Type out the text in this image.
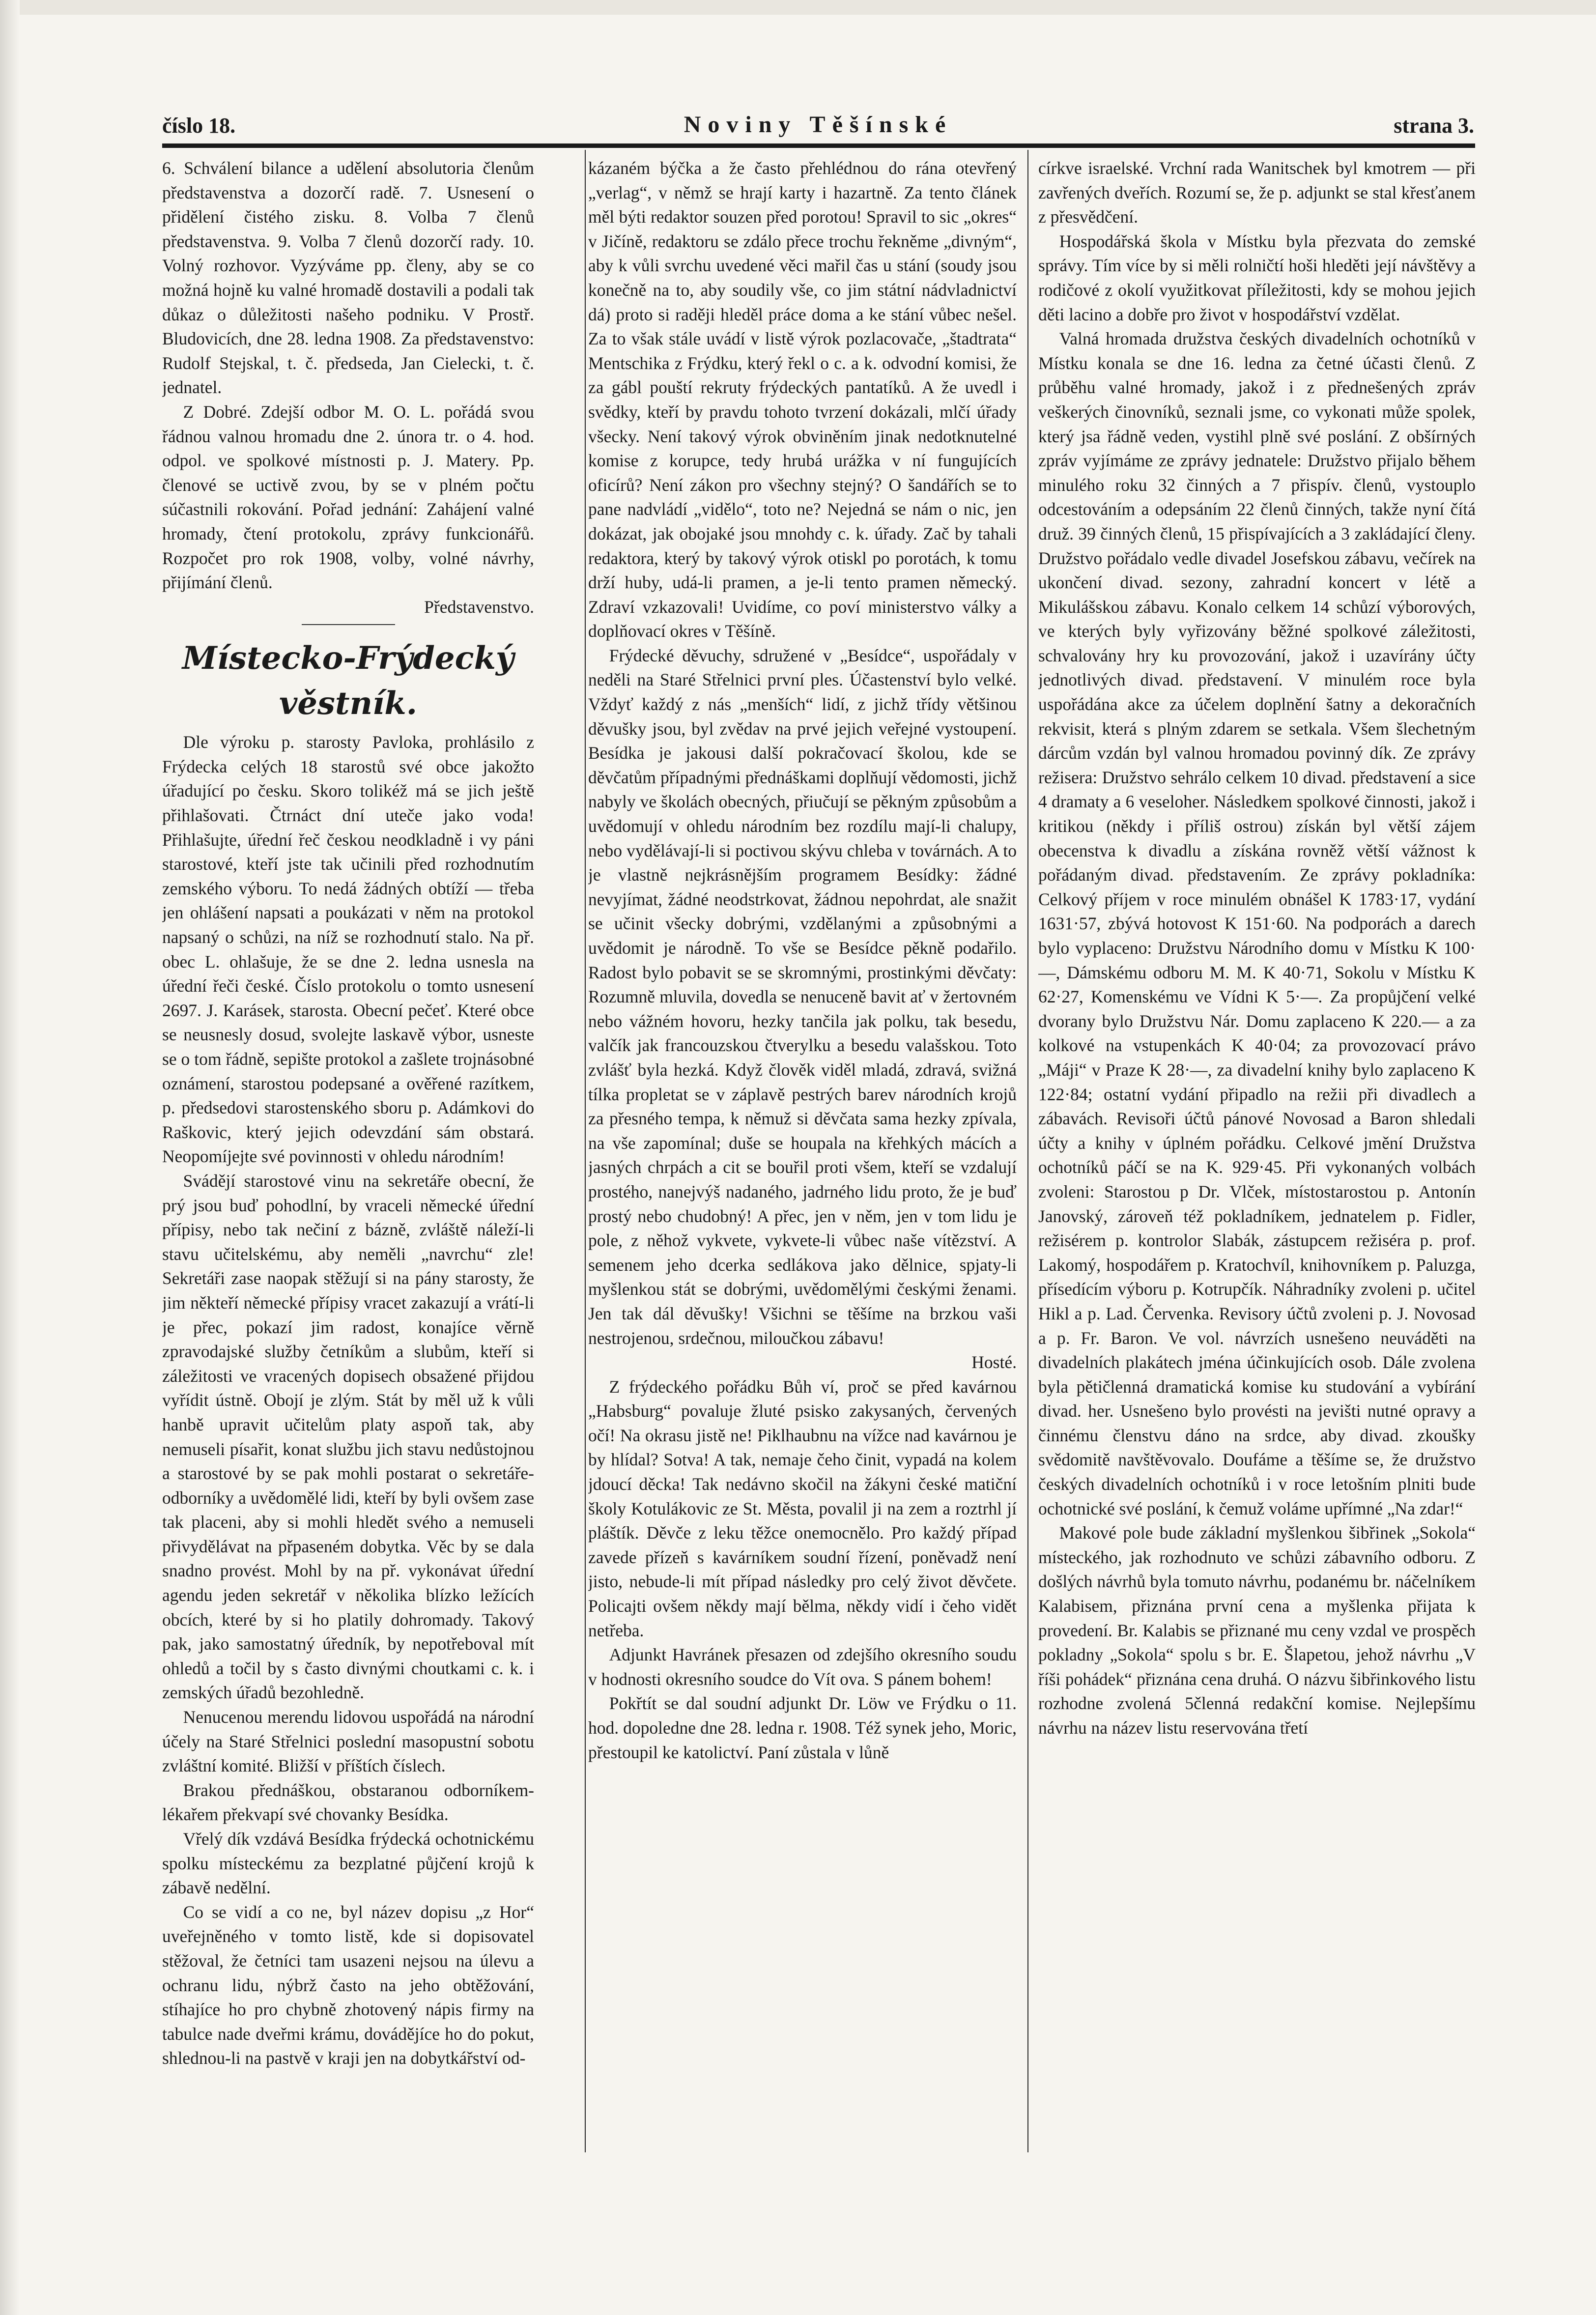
číslo 18.	Noviny Těšínské	strana 3.

6. Schválení bilance a udělení absolutoria členům představenstva a dozorčí radě. 7. Usnesení o přidělení čistého zisku. 8. Volba 7 členů představenstva. 9. Volba 7 členů dozorčí rady. 10. Volný rozhovor. Vyzýváme pp. členy, aby se co možná hojně ku valné hromadě dostavili a podali tak důkaz o důležitosti našeho podniku. V Prostř. Bludovicích, dne 28. ledna 1908. Za představenstvo: Rudolf Stejskal, t. č. předseda, Jan Cielecki, t. č. jednatel.

Z Dobré. Zdejší odbor M. O. L. pořádá svou řádnou valnou hromadu dne 2. února tr. o 4. hod. odpol. ve spolkové místnosti p. J. Matery. Pp. členové se uctivě zvou, by se v plném počtu súčastnili rokování. Pořad jednání: Zahájení valné hromady, čtení protokolu, zprávy funkcionářů. Rozpočet pro rok 1908, volby, volné návrhy, přijímání členů.

Představenstvo.

Místecko-Frýdecký věstník.

Dle výroku p. starosty Pavloka, prohlásilo z Frýdecka celých 18 starostů své obce jakožto úřadující po česku. Skoro tolikéž má se jich ještě přihlašovati. Čtrnáct dní uteče jako voda! Přihlašujte, úřední řeč českou neodkladně i vy páni starostové, kteří jste tak učinili před rozhodnutím zemského výboru. To nedá žádných obtíží — třeba jen ohlášení napsati a poukázati v něm na protokol napsaný o schůzi, na níž se rozhodnutí stalo. Na př. obec L. ohlašuje, že se dne 2. ledna usnesla na úřední řeči české. Číslo protokolu o tomto usnesení 2697. J. Karásek, starosta. Obecní pečeť. Které obce se neusnesly dosud, svolejte laskavě výbor, usneste se o tom řádně, sepište protokol a zašlete trojnásobné oznámení, starostou podepsané a ověřené razítkem, p. předsedovi starostenského sboru p. Adámkovi do Raškovic, který jejich odevzdání sám obstará. Neopomíjejte své povinnosti v ohledu národním!

Svádějí starostové vinu na sekretáře obecní, že prý jsou buď pohodlní, by vraceli německé úřední přípisy, nebo tak nečiní z bázně, zvláště náleží-li stavu učitelskému, aby neměli „navrchu“ zle! Sekretáři zase naopak stěžují si na pány starosty, že jim někteří německé přípisy vracet zakazují a vrátí-li je přec, pokazí jim radost, konajíce věrně zpravodajské služby četníkům a slubům, kteří si záležitosti ve vracených dopisech obsažené přijdou vyřídit ústně. Obojí je zlým. Stát by měl už k vůli hanbě upravit učitelům platy aspoň tak, aby nemuseli písařit, konat službu jich stavu nedůstojnou a starostové by se pak mohli postarat o sekretáře-odborníky a uvědomělé lidi, kteří by byli ovšem zase tak placeni, aby si mohli hledět svého a nemuseli přivydělávat na přpaseném dobytka. Věc by se dala snadno provést. Mohl by na př. vykonávat úřední agendu jeden sekretář v několika blízko ležících obcích, které by si ho platily dohromady. Takový pak, jako samostatný úředník, by nepotřeboval mít ohledů a točil by s často divnými choutkami c. k. i zemských úřadů bezohledně.

Nenucenou merendu lidovou uspořádá na národní účely na Staré Střelnici poslední masopustní sobotu zvláštní komité. Bližší v příštích číslech.

Brakou přednáškou, obstaranou odborníkem-lékařem překvapí své chovanky Besídka.

Vřelý dík vzdává Besídka frýdecká ochotnickému spolku místeckému za bezplatné půjčení krojů k zábavě nedělní.

Co se vidí a co ne, byl název dopisu „z Hor“ uveřejněného v tomto listě, kde si dopisovatel stěžoval, že četníci tam usazeni nejsou na úlevu a ochranu lidu, nýbrž často na jeho obtěžování, stíhajíce ho pro chybně zhotovený nápis firmy na tabulce nade dveřmi krámu, dovádějíce ho do pokut, shlednou-li na pastvě v kraji jen na dobytkářství od-

kázaném býčka a že často přehlédnou do rána otevřený „verlag“, v němž se hrají karty i hazartně. Za tento článek měl býti redaktor souzen před porotou! Spravil to sic „okres“ v Jičíně, redaktoru se zdálo přece trochu řekněme „divným“, aby k vůli svrchu uvedené věci mařil čas u stání (soudy jsou konečně na to, aby soudily vše, co jim státní nádvladnictví dá) proto si raději hleděl práce doma a ke stání vůbec nešel. Za to však stále uvádí v listě výrok pozlacovače, „štadtrata“ Mentschika z Frýdku, který řekl o c. a k. odvodní komisi, že za gábl pouští rekruty frýdeckých pantatíků. A že uvedl i svědky, kteří by pravdu tohoto tvrzení dokázali, mlčí úřady všecky. Není takový výrok obviněním jinak nedotknutelné komise z korupce, tedy hrubá urážka v ní fungujících oficírů? Není zákon pro všechny stejný? O šandářích se to pane nadvládí „vidělo“, toto ne? Nejedná se nám o nic, jen dokázat, jak obojaké jsou mnohdy c. k. úřady. Zač by tahali redaktora, který by takový výrok otiskl po porotách, k tomu drží huby, udá-li pramen, a je-li tento pramen německý. Zdraví vzkazovali! Uvidíme, co poví ministerstvo války a doplňovací okres v Těšíně.

Frýdecké děvuchy, sdružené v „Besídce“, uspořádaly v neděli na Staré Střelnici první ples. Účastenství bylo velké. Vždyť každý z nás „menších“ lidí, z jichž třídy většinou děvušky jsou, byl zvědav na prvé jejich veřejné vystoupení. Besídka je jakousi další pokračovací školou, kde se děvčatům případnými přednáškami doplňují vědomosti, jichž nabyly ve školách obecných, přiučují se pěkným způsobům a uvědomují v ohledu národním bez rozdílu mají-li chalupy, nebo vydělávají-li si poctivou skývu chleba v továrnách. A to je vlastně nejkrásnějším programem Besídky: žádné nevyjímat, žádné neodstrkovat, žádnou nepohrdat, ale snažit se učinit všecky dobrými, vzdělanými a způsobnými a uvědomit je národně. To vše se Besídce pěkně podařilo. Radost bylo pobavit se se skromnými, prostinkými děvčaty: Rozumně mluvila, dovedla se nenuceně bavit ať v žertovném nebo vážném hovoru, hezky tančila jak polku, tak besedu, valčík jak francouzskou čtverylku a besedu valašskou. Toto zvlášť byla hezká. Když člověk viděl mladá, zdravá, svižná tílka propletat se v záplavě pestrých barev národních krojů za přesného tempa, k němuž si děvčata sama hezky zpívala, na vše zapomínal; duše se houpala na křehkých mácích a jasných chrpách a cit se bouřil proti všem, kteří se vzdalují prostého, nanejvýš nadaného, jadrného lidu proto, že je buď prostý nebo chudobný! A přec, jen v něm, jen v tom lidu je pole, z něhož vykvete, vykvete-li vůbec naše vítězství. A semenem jeho dcerka sedlákova jako dělnice, spjaty-li myšlenkou stát se dobrými, uvědomělými českými ženami. Jen tak dál děvušky! Všichni se těšíme na brzkou vaši nestrojenou, srdečnou, miloučkou zábavu!

Hosté.

Z frýdeckého pořádku Bůh ví, proč se před kavárnou „Habsburg“ povaluje žluté psisko zakysaných, červených očí! Na okrasu jistě ne! Piklhaubnu na vížce nad kavárnou je by hlídal? Sotva! A tak, nemaje čeho činit, vypadá na kolem jdoucí děcka! Tak nedávno skočil na žákyni české matiční školy Kotulákovic ze St. Města, povalil ji na zem a roztrhl jí pláštík. Děvče z leku těžce onemocnělo. Pro každý případ zavede přízeň s kavárníkem soudní řízení, poněvadž není jisto, nebude-li mít případ následky pro celý život děvčete. Policajti ovšem někdy mají bělma, někdy vidí i čeho vidět netřeba.

Adjunkt Havránek přesazen od zdejšího okresního soudu v hodnosti okresního soudce do Vít ova. S pánem bohem!

Pokřtít se dal soudní adjunkt Dr. Löw ve Frýdku o 11. hod. dopoledne dne 28. ledna r. 1908. Též synek jeho, Moric, přestoupil ke katolictví. Paní zůstala v lůně

církve israelské. Vrchní rada Wanitschek byl kmotrem — při zavřených dveřích. Rozumí se, že p. adjunkt se stal křesťanem z přesvědčení.

Hospodářská škola v Místku byla přezvata do zemské správy. Tím více by si měli rolničtí hoši hleděti její návštěvy a rodičové z okolí využitkovat příležitosti, kdy se mohou jejich děti lacino a dobře pro život v hospodářství vzdělat.

Valná hromada družstva českých divadelních ochotníků v Místku konala se dne 16. ledna za četné účasti členů. Z průběhu valné hromady, jakož i z přednešených zpráv veškerých činovníků, seznali jsme, co vykonati může spolek, který jsa řádně veden, vystihl plně své poslání. Z obšírných zpráv vyjímáme ze zprávy jednatele: Družstvo přijalo během minulého roku 32 činných a 7 přispív. členů, vystouplo odcestováním a odepsáním 22 členů činných, takže nyní čítá druž. 39 činných členů, 15 přispívajících a 3 zakládající členy. Družstvo pořádalo vedle divadel Josefskou zábavu, večírek na ukončení divad. sezony, zahradní koncert v létě a Mikulášskou zábavu. Konalo celkem 14 schůzí výborových, ve kterých byly vyřizovány běžné spolkové záležitosti, schvalovány hry ku provozování, jakož i uzavírány účty jednotlivých divad. představení. V minulém roce byla uspořádána akce za účelem doplnění šatny a dekoračních rekvisit, která s plným zdarem se setkala. Všem šlechetným dárcům vzdán byl valnou hromadou povinný dík. Ze zprávy režisera: Družstvo sehrálo celkem 10 divad. představení a sice 4 dramaty a 6 veseloher. Následkem spolkové činnosti, jakož i kritikou (někdy i příliš ostrou) získán byl větší zájem obecenstva k divadlu a získána rovněž větší vážnost k pořádaným divad. představením. Ze zprávy pokladníka: Celkový příjem v roce minulém obnášel K 1783·17, vydání 1631·57, zbývá hotovost K 151·60. Na podporách a darech bylo vyplaceno: Družstvu Národního domu v Místku K 100·—, Dámskému odboru M. M. K 40·71, Sokolu v Místku K 62·27, Komenskému ve Vídni K 5·—. Za propůjčení velké dvorany bylo Družstvu Nár. Domu zaplaceno K 220.— a za kolkové na vstupenkách K 40·04; za provozovací právo „Máji“ v Praze K 28·—, za divadelní knihy bylo zaplaceno K 122·84; ostatní vydání připadlo na režii při divadlech a zábavách. Revisoři účtů pánové Novosad a Baron shledali účty a knihy v úplném pořádku. Celkové jmění Družstva ochotníků páčí se na K. 929·45. Při vykonaných volbách zvoleni: Starostou p Dr. Vlček, místostarostou p. Antonín Janovský, zároveň též pokladníkem, jednatelem p. Fidler, režisérem p. kontrolor Slabák, zástupcem režiséra p. prof. Lakomý, hospodářem p. Kratochvíl, knihovníkem p. Paluzga, přísedícím výboru p. Kotrupčík. Náhradníky zvoleni p. učitel Hikl a p. Lad. Červenka. Revisory účtů zvoleni p. J. Novosad a p. Fr. Baron. Ve vol. návrzích usnešeno neuváděti na divadelních plakátech jména účinkujících osob. Dále zvolena byla pětičlenná dramatická komise ku studování a vybírání divad. her. Usnešeno bylo provésti na jevišti nutné opravy a činnému členstvu dáno na srdce, aby divad. zkoušky svědomitě navštěvovalo. Doufáme a těšíme se, že družstvo českých divadelních ochotníků i v roce letošním plniti bude ochotnické své poslání, k čemuž voláme upřímné „Na zdar!“

Makové pole bude základní myšlenkou šibřinek „Sokola“ místeckého, jak rozhodnuto ve schůzi zábavního odboru. Z došlých návrhů byla tomuto návrhu, podanému br. náčelníkem Kalabisem, přiznána první cena a myšlenka přijata k provedení. Br. Kalabis se přiznané mu ceny vzdal ve prospěch pokladny „Sokola“ spolu s br. E. Šlapetou, jehož návrhu „V říši pohádek“ přiznána cena druhá. O názvu šibřinkového listu rozhodne zvolená 5členná redakční komise. Nejlepšímu návrhu na název listu reservována třetí
